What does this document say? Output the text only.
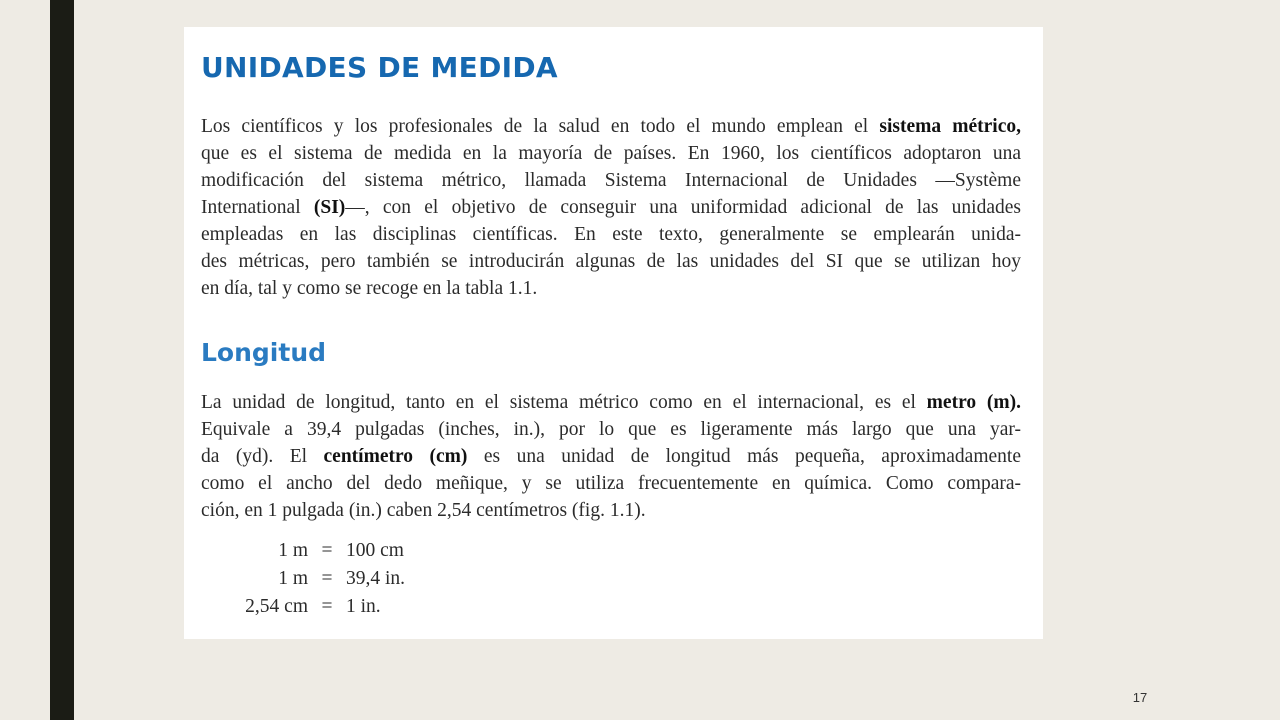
UNIDADES DE MEDIDA
Los científicos y los profesionales de la salud en todo el mundo emplean el sistema métrico,
que es el sistema de medida en la mayoría de países. En 1960, los científicos adoptaron una
modificación del sistema métrico, llamada Sistema Internacional de Unidades —Système
International (SI)—, con el objetivo de conseguir una uniformidad adicional de las unidades
empleadas en las disciplinas científicas. En este texto, generalmente se emplearán unida-
des métricas, pero también se introducirán algunas de las unidades del SI que se utilizan hoy
en día, tal y como se recoge en la tabla 1.1.
Longitud
La unidad de longitud, tanto en el sistema métrico como en el internacional, es el metro (m).
Equivale a 39,4 pulgadas (inches, in.), por lo que es ligeramente más largo que una yar-
da (yd). El centímetro (cm) es una unidad de longitud más pequeña, aproximadamente
como el ancho del dedo meñique, y se utiliza frecuentemente en química. Como compara-
ción, en 1 pulgada (in.) caben 2,54 centímetros (fig. 1.1).
1 m = 100 cm
1 m = 39,4 in.
2,54 cm = 1 in.
17
